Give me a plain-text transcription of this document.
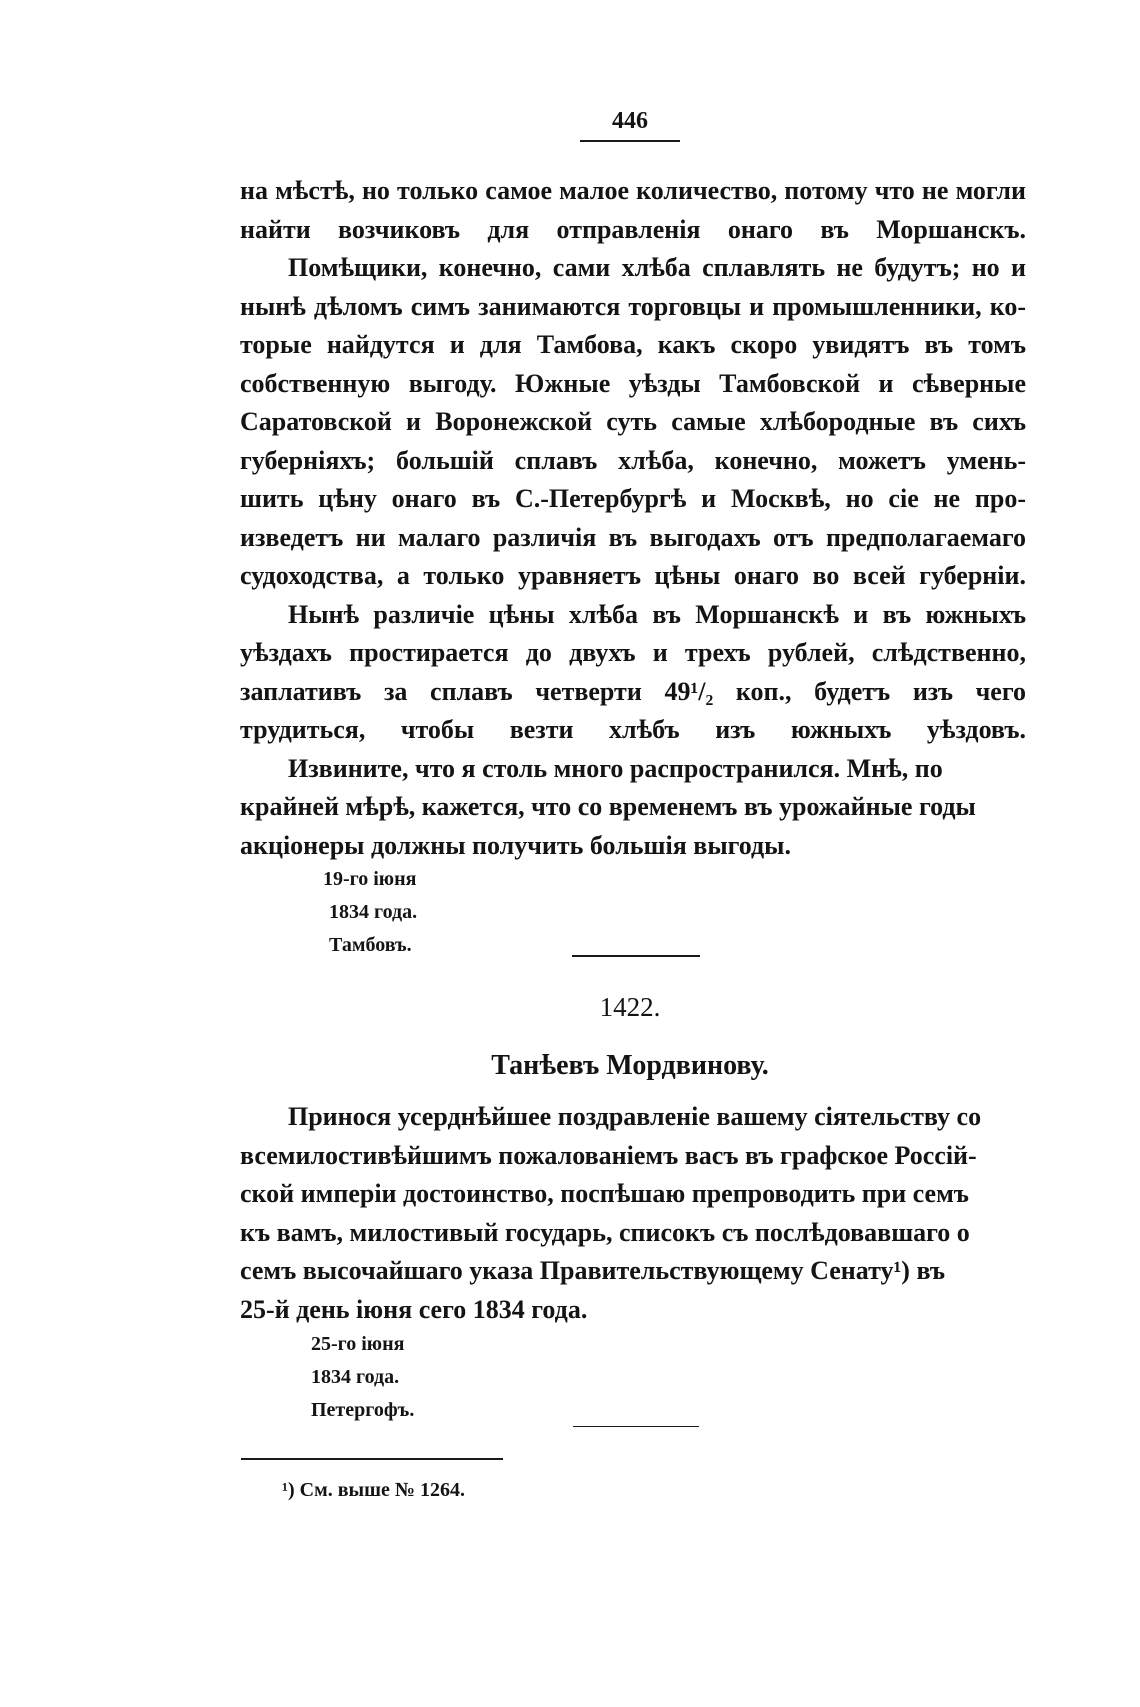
446

на мѣстѣ, но только самое малое количество, потому что не могли
найти возчиковъ для отправленія онаго въ Моршанскъ.

Помѣщики, конечно, сами хлѣба сплавлять не будутъ; но и
нынѣ дѣломъ симъ занимаются торговцы и промышленники, ко-
торые найдутся и для Тамбова, какъ скоро увидятъ въ томъ
собственную выгоду. Южные уѣзды Тамбовской и сѣверные
Саратовской и Воронежской суть самые хлѣбородные въ сихъ
губерніяхъ; большій сплавъ хлѣба, конечно, можетъ умень-
шить цѣну онаго въ С.-Петербургѣ и Москвѣ, но сіе не про-
изведетъ ни малаго различія въ выгодахъ отъ предполагаемаго
судоходства, а только уравняетъ цѣны онаго во всей губерніи.

Нынѣ различіе цѣны хлѣба въ Моршанскѣ и въ южныхъ
уѣздахъ простирается до двухъ и трехъ рублей, слѣдственно,
заплативъ за сплавъ четверти 49¹/₂ коп., будетъ изъ чего
трудиться, чтобы везти хлѣбъ изъ южныхъ уѣздовъ.

Извините, что я столь много распространился. Мнѣ, по
крайней мѣрѣ, кажется, что со временемъ въ урожайные годы
акціонеры должны получить большія выгоды.

19-го іюня
1834 года.
Тамбовъ.
1422.
Танѣевъ Мордвинову.

Принося усерднѣйшее поздравленіе вашему сіятельству со
всемилостивѣйшимъ пожалованіемъ васъ въ графское Россій-
ской имперіи достоинство, поспѣшаю препроводить при семъ
къ вамъ, милостивый государь, списокъ съ послѣдовавшаго о
семъ высочайшаго указа Правительствующему Сенату¹) въ
25-й день іюня сего 1834 года.

25-го іюня
1834 года.
Петергофъ.
¹) См. выше № 1264.
